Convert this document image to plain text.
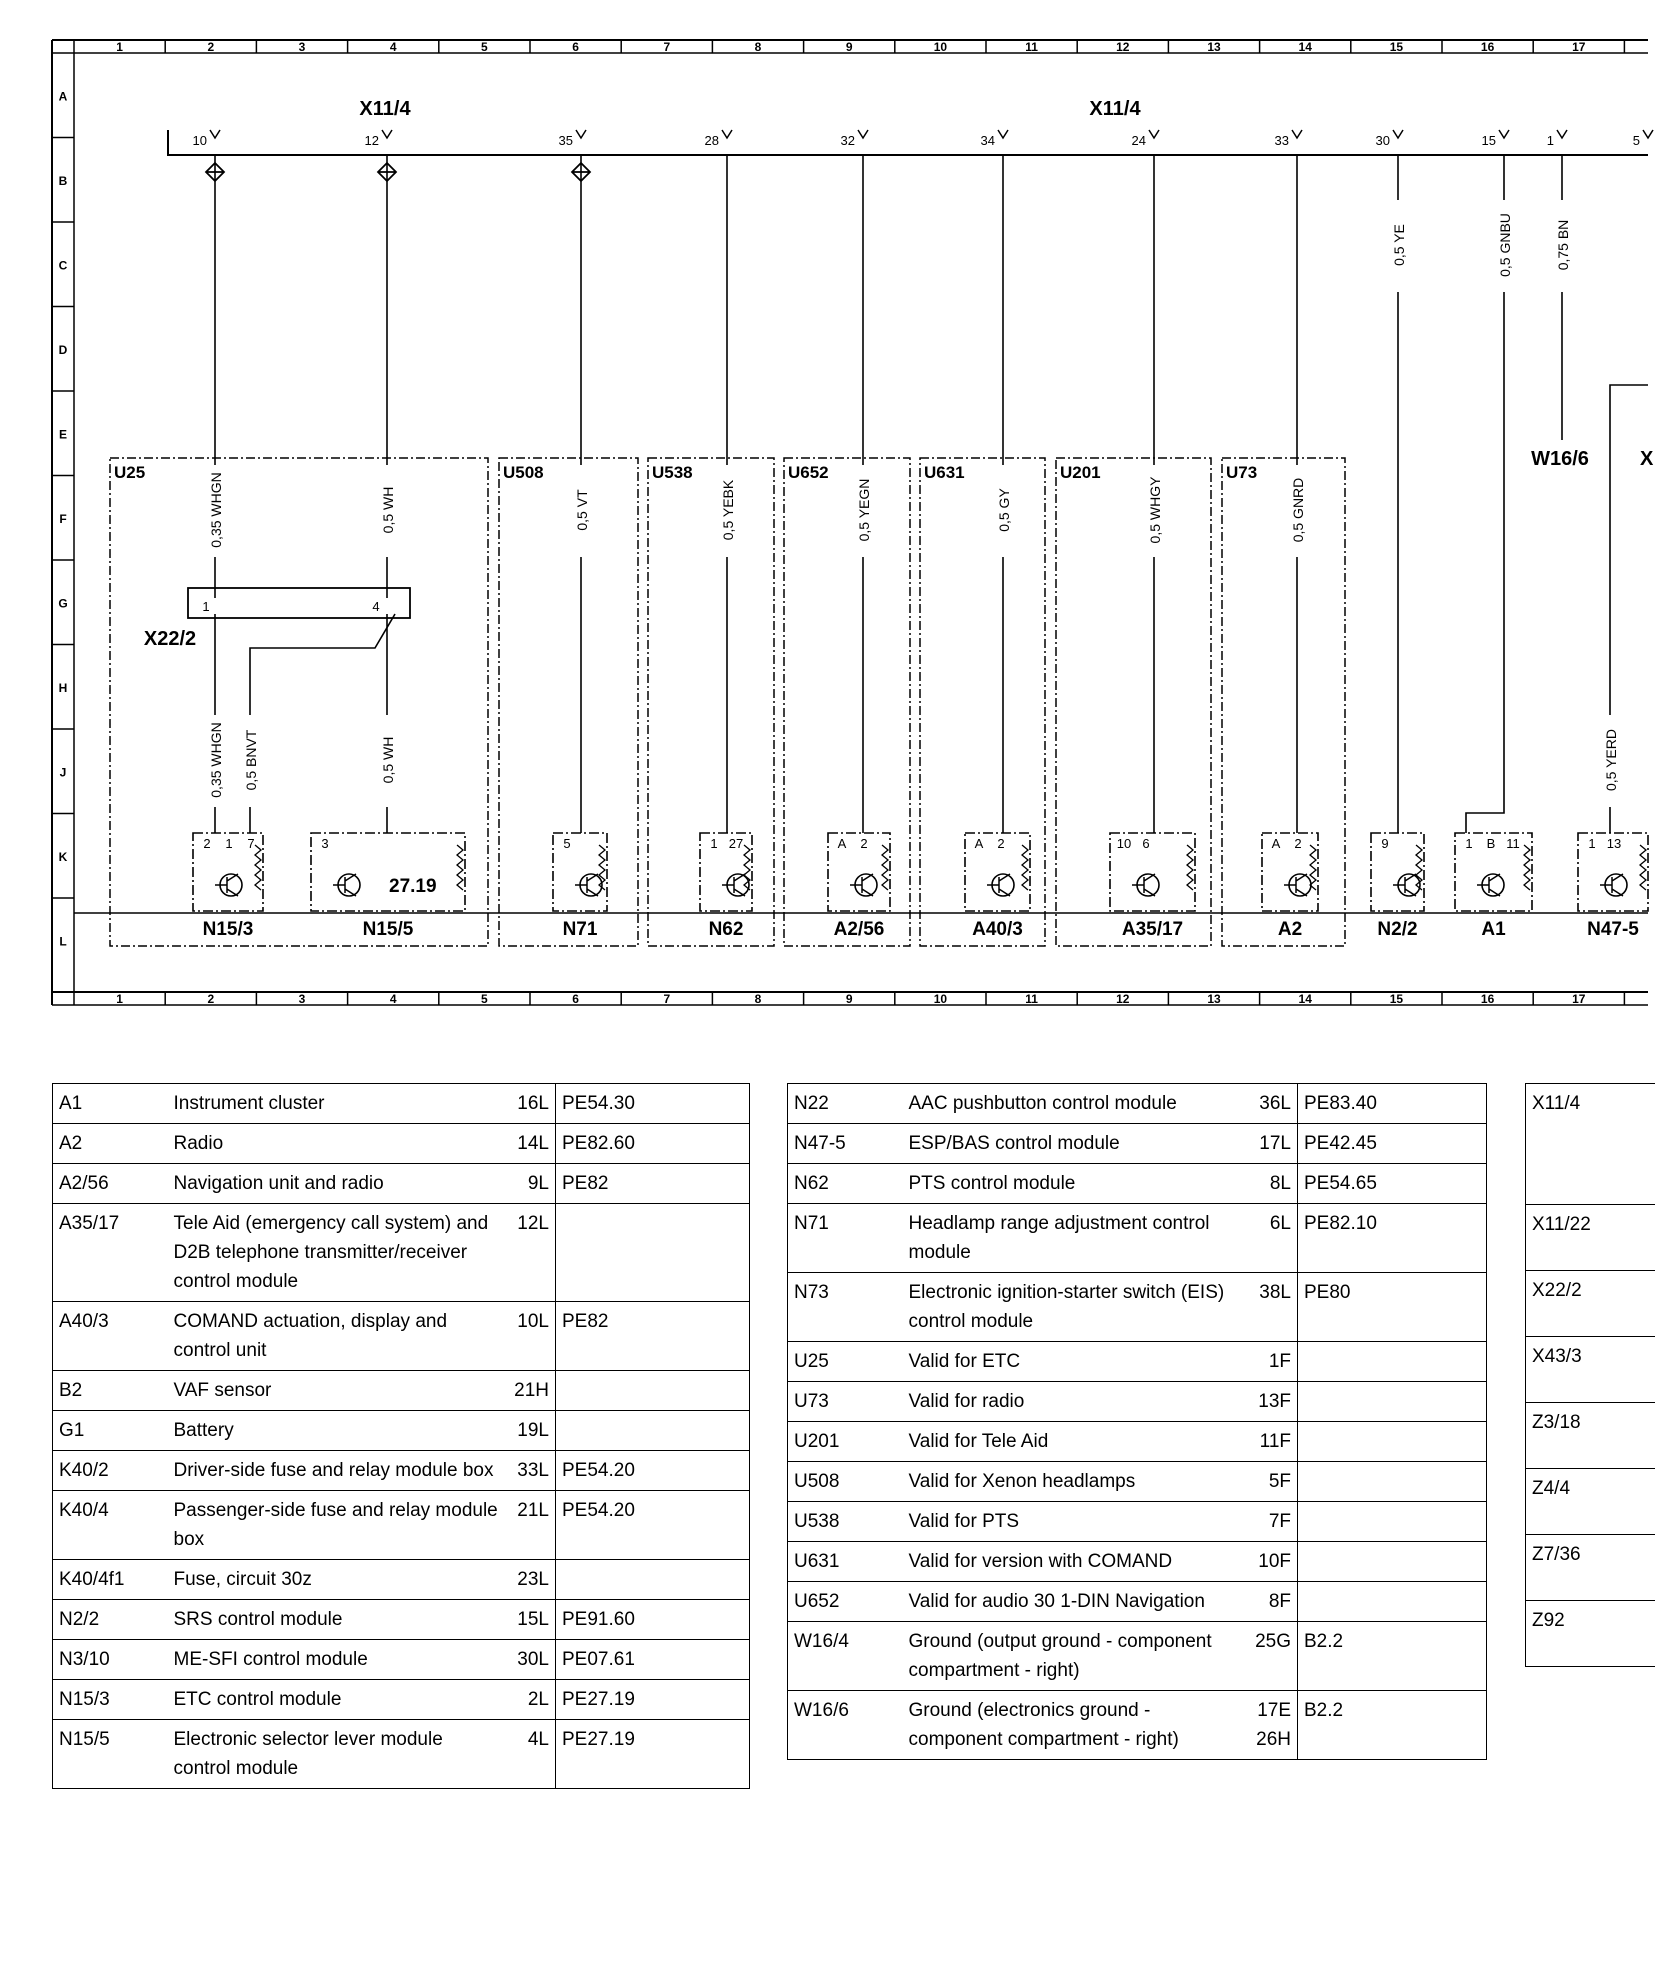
1
1
2
2
3
3
4
4
5
5
6
6
7
7
8
8
9
9
10
10
11
11
12
12
13
13
14
14
15
15
16
16
17
17
A
B
C
D
E
F
G
H
J
K
L
U25	U508	U538	U652	U631	U201	U73
0,35 WHGN	0,5 WH	0,5 VT	0,5 YEBK	0,5 YEGN	0,5 GY	0,5 WHGY	0,5 GNRD
0,5 YE	0,5 GNBU	0,75 BN
0,35 WHGN 0,5 BNVT	0,5 WH	0,5 YERD
10	12	35	28	32	34	24	33	30	15	1	5
1	4
N15/3
2 1 7
N15/5
3
27.19
N71
5
N62
1 27
A2/56
A 2
A40/3
A 2
A35/17
10 6
A2
A 2
N2/2
9
A1
1 B 11
N47-5
1 13
X11/4	X11/4
X22/2
W16/6	X
A1	Instrument cluster	16L	PE54.30
A2	Radio	14L	PE82.60
A2/56	Navigation unit and radio	9L	PE82
A35/17	Tele Aid (emergency call system) and D2B telephone transmitter/receiver control module	12L	
A40/3	COMAND actuation, display and control unit	10L	PE82
B2	VAF sensor	21H	
G1	Battery	19L	
K40/2	Driver-side fuse and relay module box	33L	PE54.20
K40/4	Passenger-side fuse and relay module box	21L	PE54.20
K40/4f1	Fuse, circuit 30z	23L	
N2/2	SRS control module	15L	PE91.60
N3/10	ME-SFI control module	30L	PE07.61
N15/3	ETC control module	2L	PE27.19
N15/5	Electronic selector lever module control module	4L	PE27.19
N22	AAC pushbutton control module	36L	PE83.40
N47-5	ESP/BAS control module	17L	PE42.45
N62	PTS control module	8L	PE54.65
N71	Headlamp range adjustment control module	6L	PE82.10
N73	Electronic ignition-starter switch (EIS) control module	38L	PE80
U25	Valid for ETC	1F	
U73	Valid for radio	13F	
U201	Valid for Tele Aid	11F	
U508	Valid for Xenon headlamps	5F	
U538	Valid for PTS	7F	
U631	Valid for version with COMAND	10F	
U652	Valid for audio 30 1-DIN Navigation	8F	
W16/4	Ground (output ground - component compartment - right)	25G	B2.2
W16/6	Ground (electronics ground - component compartment - right)	17E 26H	B2.2
X11/4
X11/22
X22/2
X43/3
Z3/18
Z4/4
Z7/36
Z92
